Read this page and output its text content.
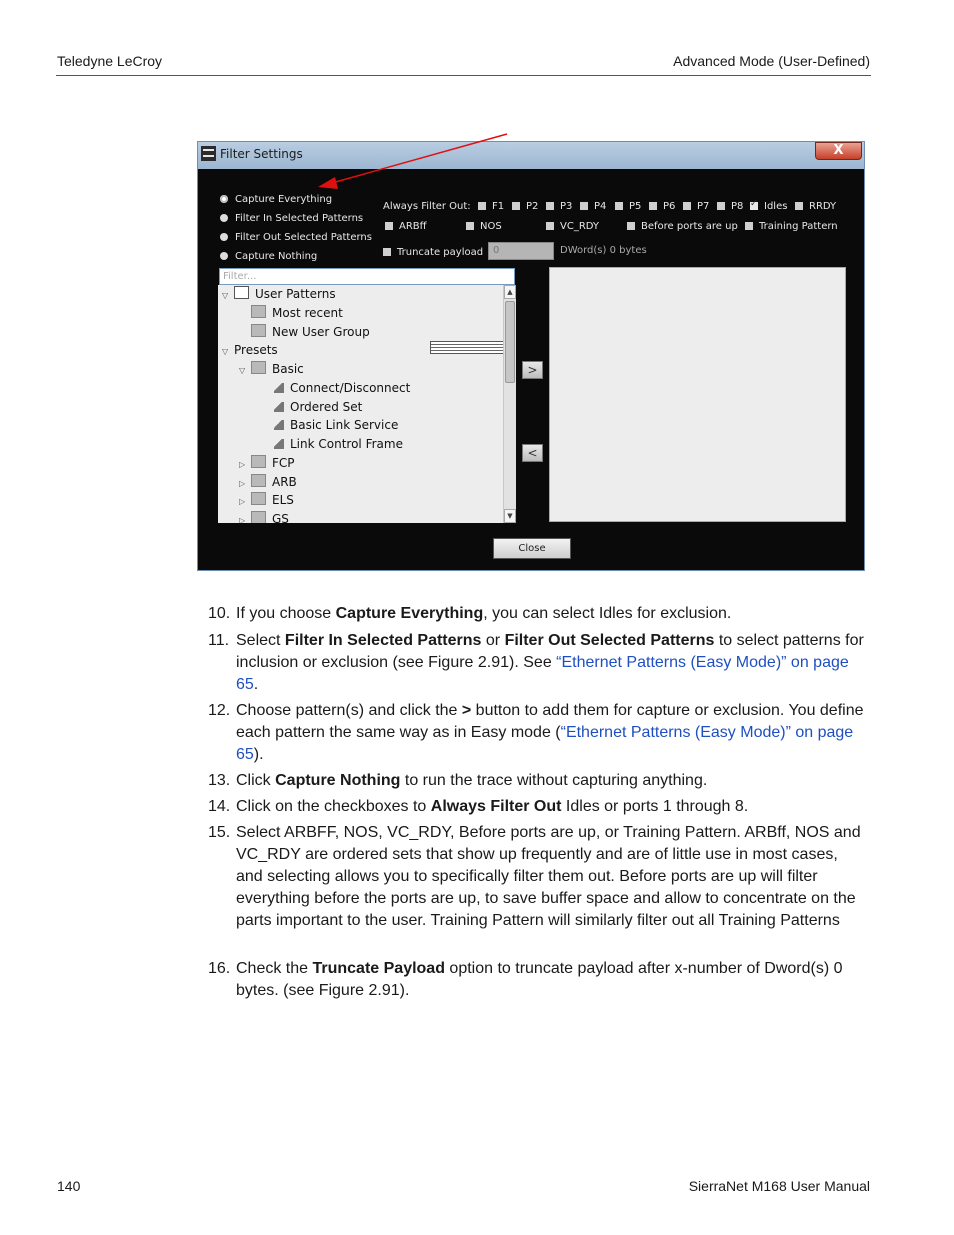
Teledyne LeCroy	Advanced Mode (User-Defined)
Filter Settings	X
Capture Everything
Filter In Selected Patterns
Filter Out Selected Patterns
Capture Nothing
Always Filter Out:	F1	P2	P3	P4	P5	P6	P7	P8
✓	Idles	RRDY
ARBff	NOS	VC_RDY	Before ports are up	Training Pattern
Truncate payload 0	DWord(s) 0 bytes
Filter...
▽ User Patterns
Most recent
New User Group
▽ Presets
▽ Basic
Connect/Disconnect
Ordered Set
Basic Link Service
Link Control Frame
▷ FCP
▷ ARB
▷ ELS
▷ GS
▲
▼
>
<
Close
10. If you choose Capture Everything, you can select Idles for exclusion.
11. Select Filter In Selected Patterns or Filter Out Selected Patterns to select patterns for inclusion or exclusion (see Figure 2.91). See “Ethernet Patterns (Easy Mode)” on page 65.
12. Choose pattern(s) and click the > button to add them for capture or exclusion. You define each pattern the same way as in Easy mode (“Ethernet Patterns (Easy Mode)” on page 65).
13. Click Capture Nothing to run the trace without capturing anything.
14. Click on the checkboxes to Always Filter Out Idles or ports 1 through 8.
15. Select ARBFF, NOS, VC_RDY, Before ports are up, or Training Pattern. ARBff, NOS and VC_RDY are ordered sets that show up frequently and are of little use in most cases, and selecting allows you to specifically filter them out. Before ports are up will filter everything before the ports are up, to save buffer space and allow to concentrate on the parts important to the user. Training Pattern will similarly filter out all Training Patterns
16. Check the Truncate Payload option to truncate payload after x-number of Dword(s) 0 bytes. (see Figure 2.91).
140	SierraNet M168 User Manual
